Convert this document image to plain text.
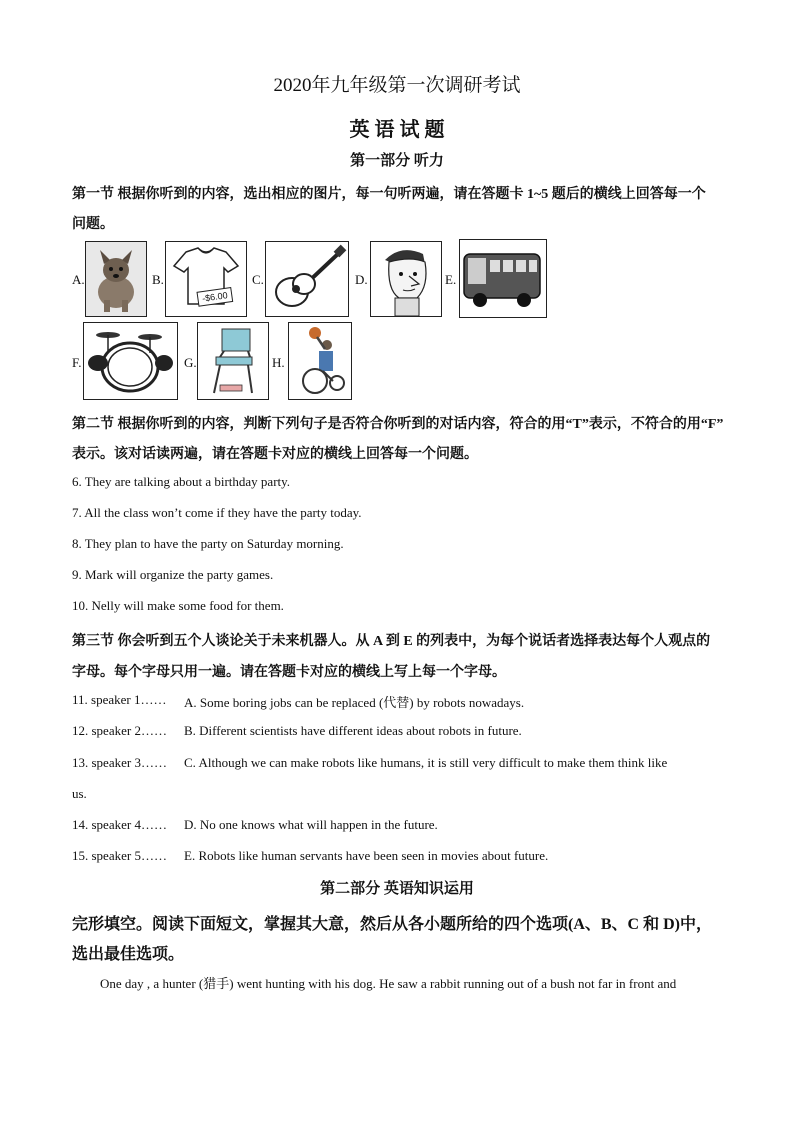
2020年九年级第一次调研考试
英 语 试 题
第一部分 听力
第一节 根据你听到的内容，选出相应的图片，每一句听两遍，请在答题卡 1~5 题后的横线上回答每一个
问题。
A.	B.
-$6.00
C.	D.	E.
F.	G.	H.
第二节 根据你听到的内容，判断下列句子是否符合你听到的对话内容，符合的用“T”表示，不符合的用“F”
表示。该对话读两遍，请在答题卡对应的横线上回答每一个问题。
6. They are talking about a birthday party.
7. All the class won’t come if they have the party today.
8. They plan to have the party on Saturday morning.
9. Mark will organize the party games.
10. Nelly will make some food for them.
第三节 你会听到五个人谈论关于未来机器人。从 A 到 E 的列表中，为每个说话者选择表达每个人观点的
字母。每个字母只用一遍。请在答题卡对应的横线上写上每一个字母。
11. speaker 1…… A. Some boring jobs can be replaced (代替) by robots nowadays.
12. speaker 2…… B. Different scientists have different ideas about robots in future.
13. speaker 3…… C. Although we can make robots like humans, it is still very difficult to make them think like
us.
14. speaker 4…… D. No one knows what will happen in the future.
15. speaker 5…… E. Robots like human servants have been seen in movies about future.
第二部分 英语知识运用
完形填空。阅读下面短文，掌握其大意，然后从各小题所给的四个选项(A、B、C 和 D)中，
选出最佳选项。
One day , a hunter (猎手) went hunting with his dog. He saw a rabbit running out of a bush not far in front and
